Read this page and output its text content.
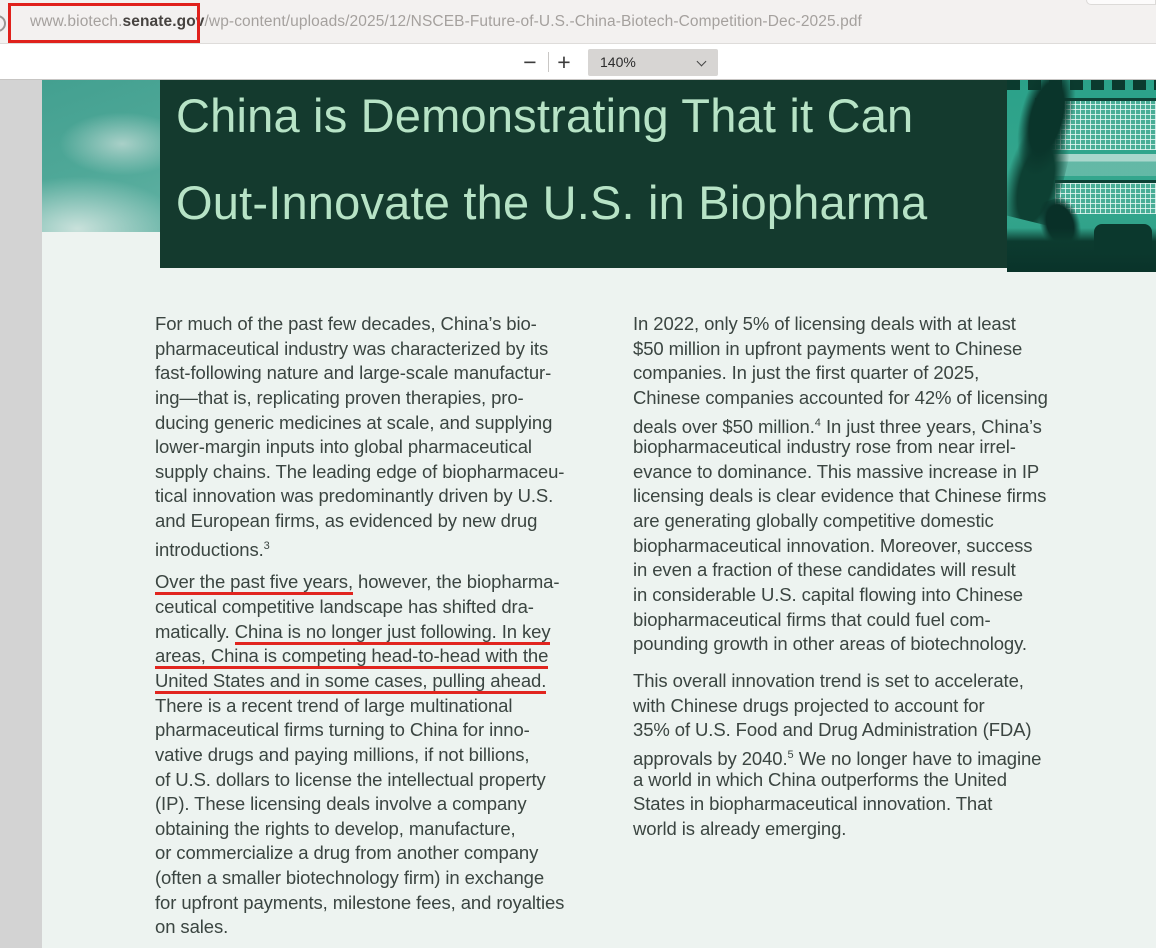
www.biotech.senate.gov/wp-content/uploads/2025/12/NSCEB-Future-of-U.S.-China-Biotech-Competition-Dec-2025.pdf
− +	140%
China is Demonstrating That it Can
Out-Innovate the U.S. in Biopharma
For much of the past few decades, China’s bio-
pharmaceutical industry was characterized by its
fast-following nature and large-scale manufactur-
ing—that is, replicating proven therapies, pro-
ducing generic medicines at scale, and supplying
lower-margin inputs into global pharmaceutical
supply chains. The leading edge of biopharmaceu-
tical innovation was predominantly driven by U.S.
and European firms, as evidenced by new drug
introductions.$^3$
Over the past five years, however, the biopharma-
ceutical competitive landscape has shifted dra-
matically. China is no longer just following. In key
areas, China is competing head-to-head with the
United States and in some cases, pulling ahead.
There is a recent trend of large multinational
pharmaceutical firms turning to China for inno-
vative drugs and paying millions, if not billions,
of U.S. dollars to license the intellectual property
(IP). These licensing deals involve a company
obtaining the rights to develop, manufacture,
or commercialize a drug from another company
(often a smaller biotechnology firm) in exchange
for upfront payments, milestone fees, and royalties
on sales.
In 2022, only 5% of licensing deals with at least
$50 million in upfront payments went to Chinese
companies. In just the first quarter of 2025,
Chinese companies accounted for 42% of licensing
deals over $50 million.$^4$ In just three years, China’s
biopharmaceutical industry rose from near irrel-
evance to dominance. This massive increase in IP
licensing deals is clear evidence that Chinese firms
are generating globally competitive domestic
biopharmaceutical innovation. Moreover, success
in even a fraction of these candidates will result
in considerable U.S. capital flowing into Chinese
biopharmaceutical firms that could fuel com-
pounding growth in other areas of biotechnology.
This overall innovation trend is set to accelerate,
with Chinese drugs projected to account for
35% of U.S. Food and Drug Administration (FDA)
approvals by 2040.$^5$ We no longer have to imagine
a world in which China outperforms the United
States in biopharmaceutical innovation. That
world is already emerging.
